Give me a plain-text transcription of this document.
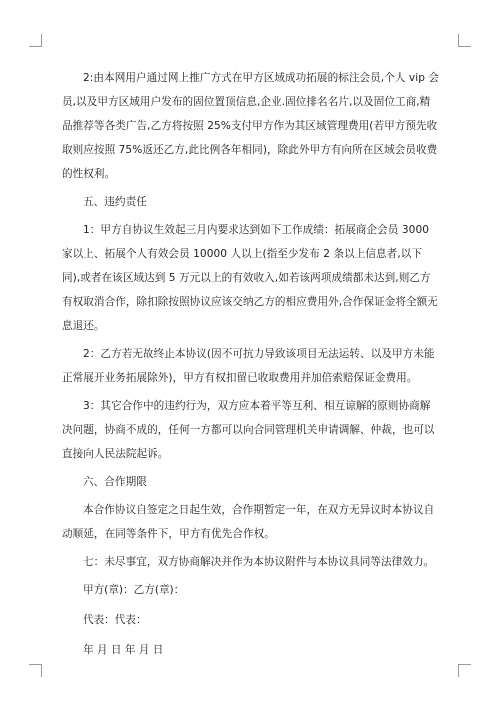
2:由本网用户通过网上推广方式在甲方区域成功拓展的标注会员,个人 vip 会员,以及甲方区域用户发布的固位置顶信息,企业.固位排名名片,以及固位工商,精品推荐等各类广告,乙方将按照 25%支付甲方作为其区域管理费用(若甲方预先收取则应按照 75%返还乙方,此比例各年相同)，除此外甲方有向所在区域会员收费的性权利。

五、违约责任

1：甲方自协议生效起三月内要求达到如下工作成绩：拓展商企会员 3000 家以上、拓展个人有效会员 10000 人以上(指至少发布 2 条以上信息者,以下同),或者在该区域达到 5 万元以上的有效收入,如若该两项成绩都未达到,则乙方有权取消合作，除扣除按照协议应该交纳乙方的相应费用外,合作保证金将全额无息退还。

2：乙方若无故终止本协议(因不可抗力导致该项目无法运转、以及甲方未能正常展开业务拓展除外)，甲方有权扣留已收取费用并加倍索赔保证金费用。

3：其它合作中的违约行为，双方应本着平等互利、相互谅解的原则协商解决问题，协商不成的，任何一方都可以向合同管理机关申请调解、仲裁，也可以直接向人民法院起诉。

六、合作期限

本合作协议自签定之日起生效，合作期暂定一年，在双方无异议时本协议自动顺延，在同等条件下，甲方有优先合作权。

七：未尽事宜，双方协商解决并作为本协议附件与本协议具同等法律效力。

甲方(章)：乙方(章)：
代表：代表：
年 月 日 年 月 日
